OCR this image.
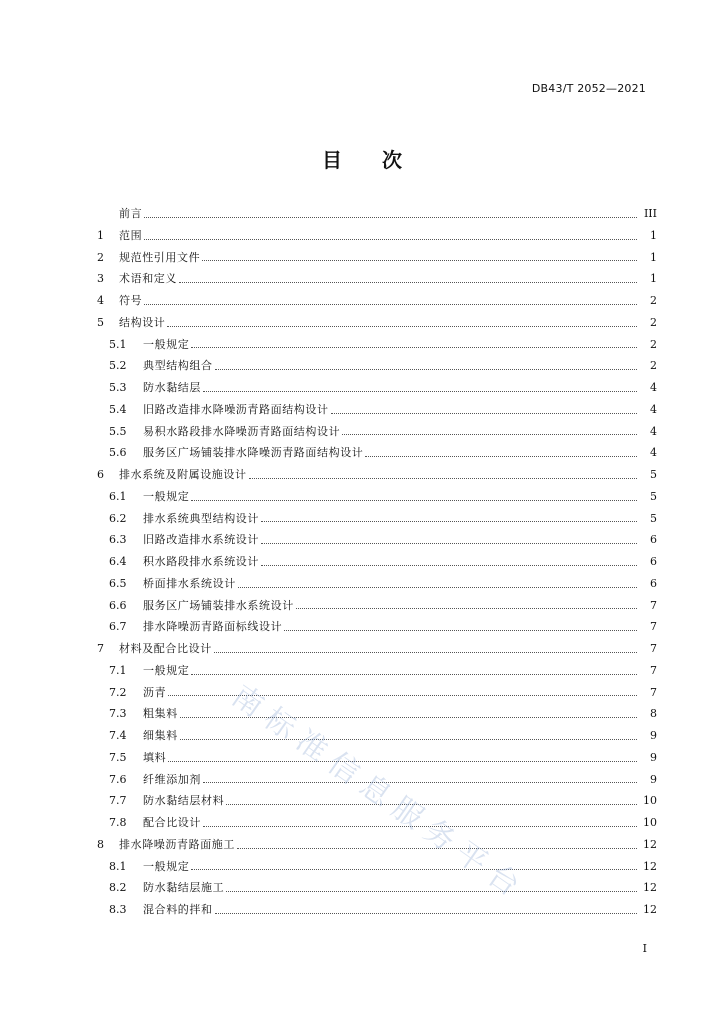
DB43/T 2052—2021
目 次
前言	III
1	范围	1
2	规范性引用文件	1
3	术语和定义	1
4	符号	2
5	结构设计	2
5.1	一般规定	2
5.2	典型结构组合	2
5.3	防水黏结层	4
5.4	旧路改造排水降噪沥青路面结构设计	4
5.5	易积水路段排水降噪沥青路面结构设计	4
5.6	服务区广场铺装排水降噪沥青路面结构设计	4
6	排水系统及附属设施设计	5
6.1	一般规定	5
6.2	排水系统典型结构设计	5
6.3	旧路改造排水系统设计	6
6.4	积水路段排水系统设计	6
6.5	桥面排水系统设计	6
6.6	服务区广场铺装排水系统设计	7
6.7	排水降噪沥青路面标线设计	7
7	材料及配合比设计	7
7.1	一般规定	7
7.2	沥青	7
7.3	粗集料	8
7.4	细集料	9
7.5	填料	9
7.6	纤维添加剂	9
7.7	防水黏结层材料	10
7.8	配合比设计	10
8	排水降噪沥青路面施工	12
8.1	一般规定	12
8.2	防水黏结层施工	12
8.3	混合料的拌和	12
南标准信息服务平台
I
